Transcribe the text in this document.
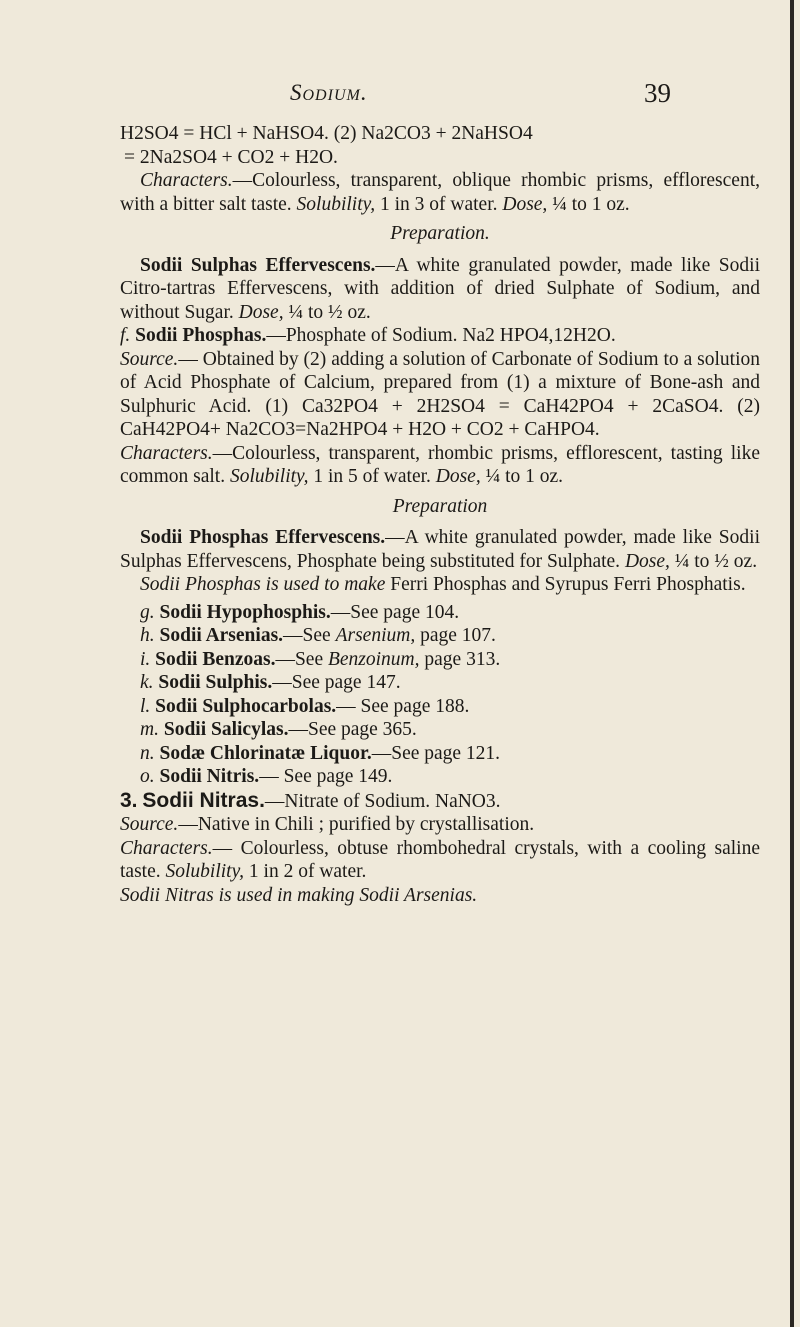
Sodium.	39

H2SO4 = HCl + NaHSO4. (2) Na2CO3 + 2NaHSO4

= 2Na2SO4 + CO2 + H2O.

Characters.—Colourless, transparent, oblique rhombic prisms, efflorescent, with a bitter salt taste. Solubility, 1 in 3 of water. Dose, ¼ to 1 oz.

Preparation.

Sodii Sulphas Effervescens.—A white granulated powder, made like Sodii Citro-tartras Effervescens, with addition of dried Sulphate of Sodium, and without Sugar. Dose, ¼ to ½ oz.

f. Sodii Phosphas.—Phosphate of Sodium. Na2 HPO4,12H2O.

Source.— Obtained by (2) adding a solution of Carbonate of Sodium to a solution of Acid Phosphate of Calcium, prepared from (1) a mixture of Bone-ash and Sulphuric Acid. (1) Ca32PO4 + 2H2SO4 = CaH42PO4 + 2CaSO4. (2) CaH42PO4+ Na2CO3=Na2HPO4 + H2O + CO2 + CaHPO4.

Characters.—Colourless, transparent, rhombic prisms, efflorescent, tasting like common salt. Solubility, 1 in 5 of water. Dose, ¼ to 1 oz.

Preparation

Sodii Phosphas Effervescens.—A white granulated powder, made like Sodii Sulphas Effervescens, Phosphate being substituted for Sulphate. Dose, ¼ to ½ oz.

Sodii Phosphas is used to make Ferri Phosphas and Syrupus Ferri Phosphatis.

g. Sodii Hypophosphis.—See page 104.

h. Sodii Arsenias.—See Arsenium, page 107.

i. Sodii Benzoas.—See Benzoinum, page 313.

k. Sodii Sulphis.—See page 147.

l. Sodii Sulphocarbolas.— See page 188.

m. Sodii Salicylas.—See page 365.

n. Sodæ Chlorinatæ Liquor.—See page 121.

o. Sodii Nitris.— See page 149.

3. Sodii Nitras.—Nitrate of Sodium. NaNO3.

Source.—Native in Chili ; purified by crystallisation.

Characters.— Colourless, obtuse rhombohedral crystals, with a cooling saline taste. Solubility, 1 in 2 of water.

Sodii Nitras is used in making Sodii Arsenias.
